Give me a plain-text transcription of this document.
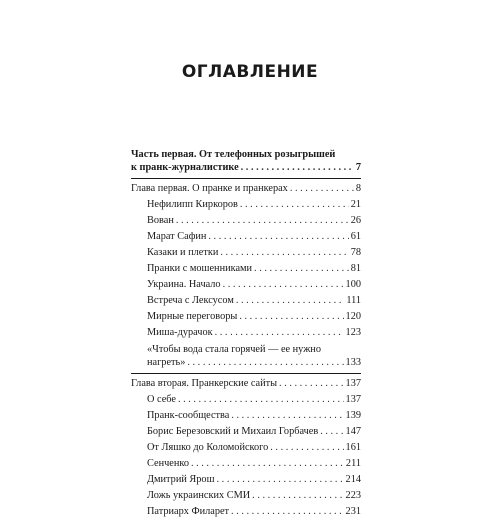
ОГЛАВЛЕНИЕ
Часть первая. От телефонных розыгрышей
к пранк-журналистике . . .	7
Глава первая. О пранке и пранкерах . . .	8
Нефилипп Киркоров . . .	21
Вован . . .	26
Марат Сафин . . .	61
Казаки и плетки . . .	78
Пранки с мошенниками . . .	81
Украина. Начало . . .	100
Встреча с Лексусом . . .	111
Мирные переговоры . . .	120
Миша-дурачок . . .	123
«Чтобы вода стала горячей — ее нужно
нагреть» . . .	133
Глава вторая. Пранкерские сайты . . .	137
О себе . . .	137
Пранк-сообщества . . .	139
Борис Березовский и Михаил Горбачев . . .	147
От Ляшко до Коломойского . . .	161
Сенченко . . .	211
Дмитрий Ярош . . .	214
Ложь украинских СМИ . . .	223
Патриарх Филарет . . .	231
